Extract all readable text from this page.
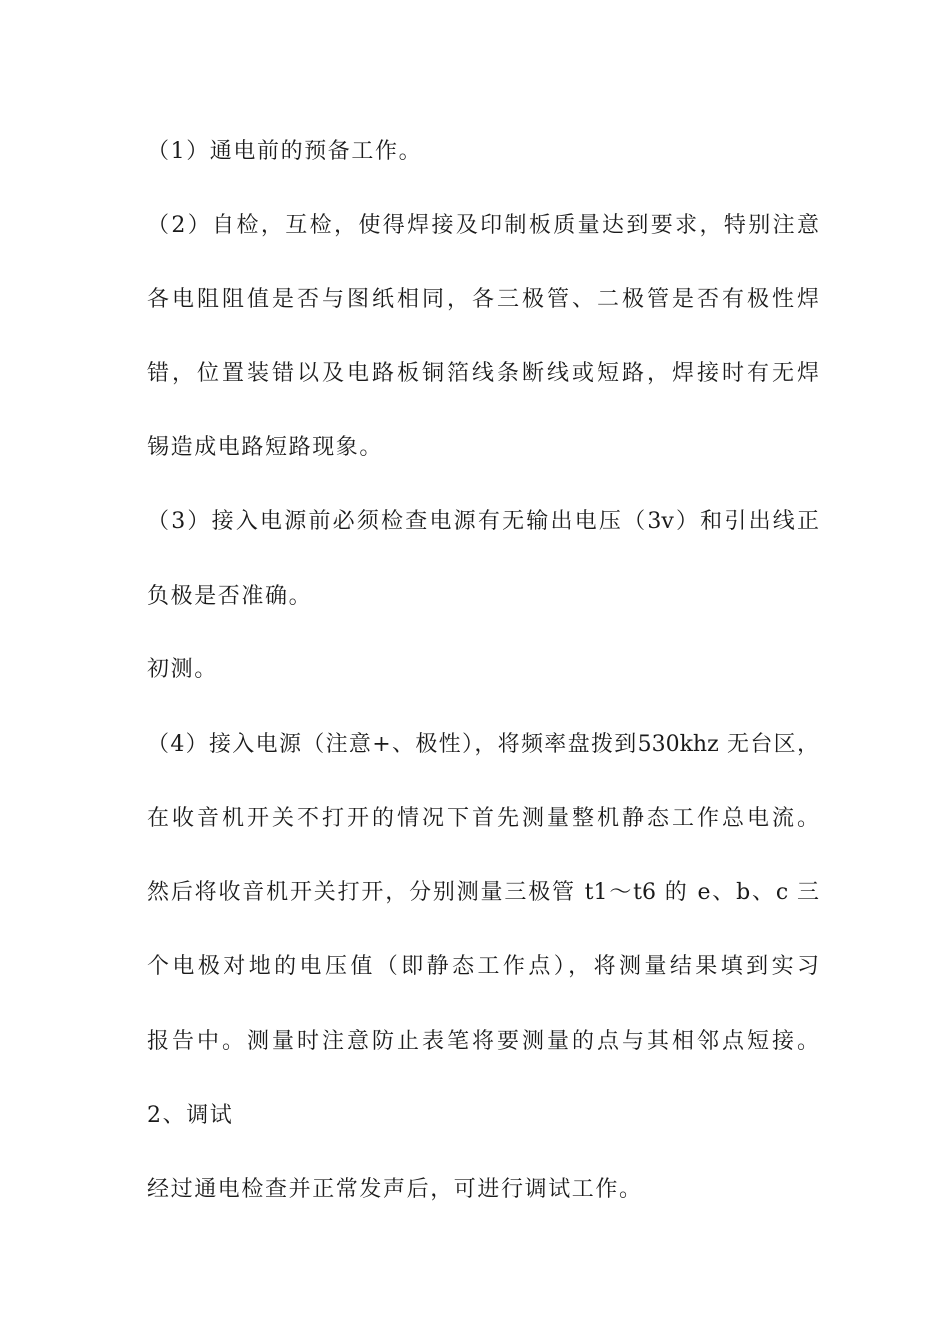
（1）通电前的预备工作。
（2）自检，互检，使得焊接及印制板质量达到要求，特别注意
各电阻阻值是否与图纸相同，各三极管、二极管是否有极性焊
错，位置装错以及电路板铜箔线条断线或短路，焊接时有无焊
锡造成电路短路现象。
（3）接入电源前必须检查电源有无输出电压（3v）和引出线正
负极是否准确。
初测。
（4）接入电源（注意+、极性），将频率盘拨到530khz 无台区，
在收音机开关不打开的情况下首先测量整机静态工作总电流。
然后将收音机开关打开，分别测量三极管 t1～t6 的 e、b、c 三
个电极对地的电压值（即静态工作点），将测量结果填到实习
报告中。测量时注意防止表笔将要测量的点与其相邻点短接。
2、调试
经过通电检查并正常发声后，可进行调试工作。
